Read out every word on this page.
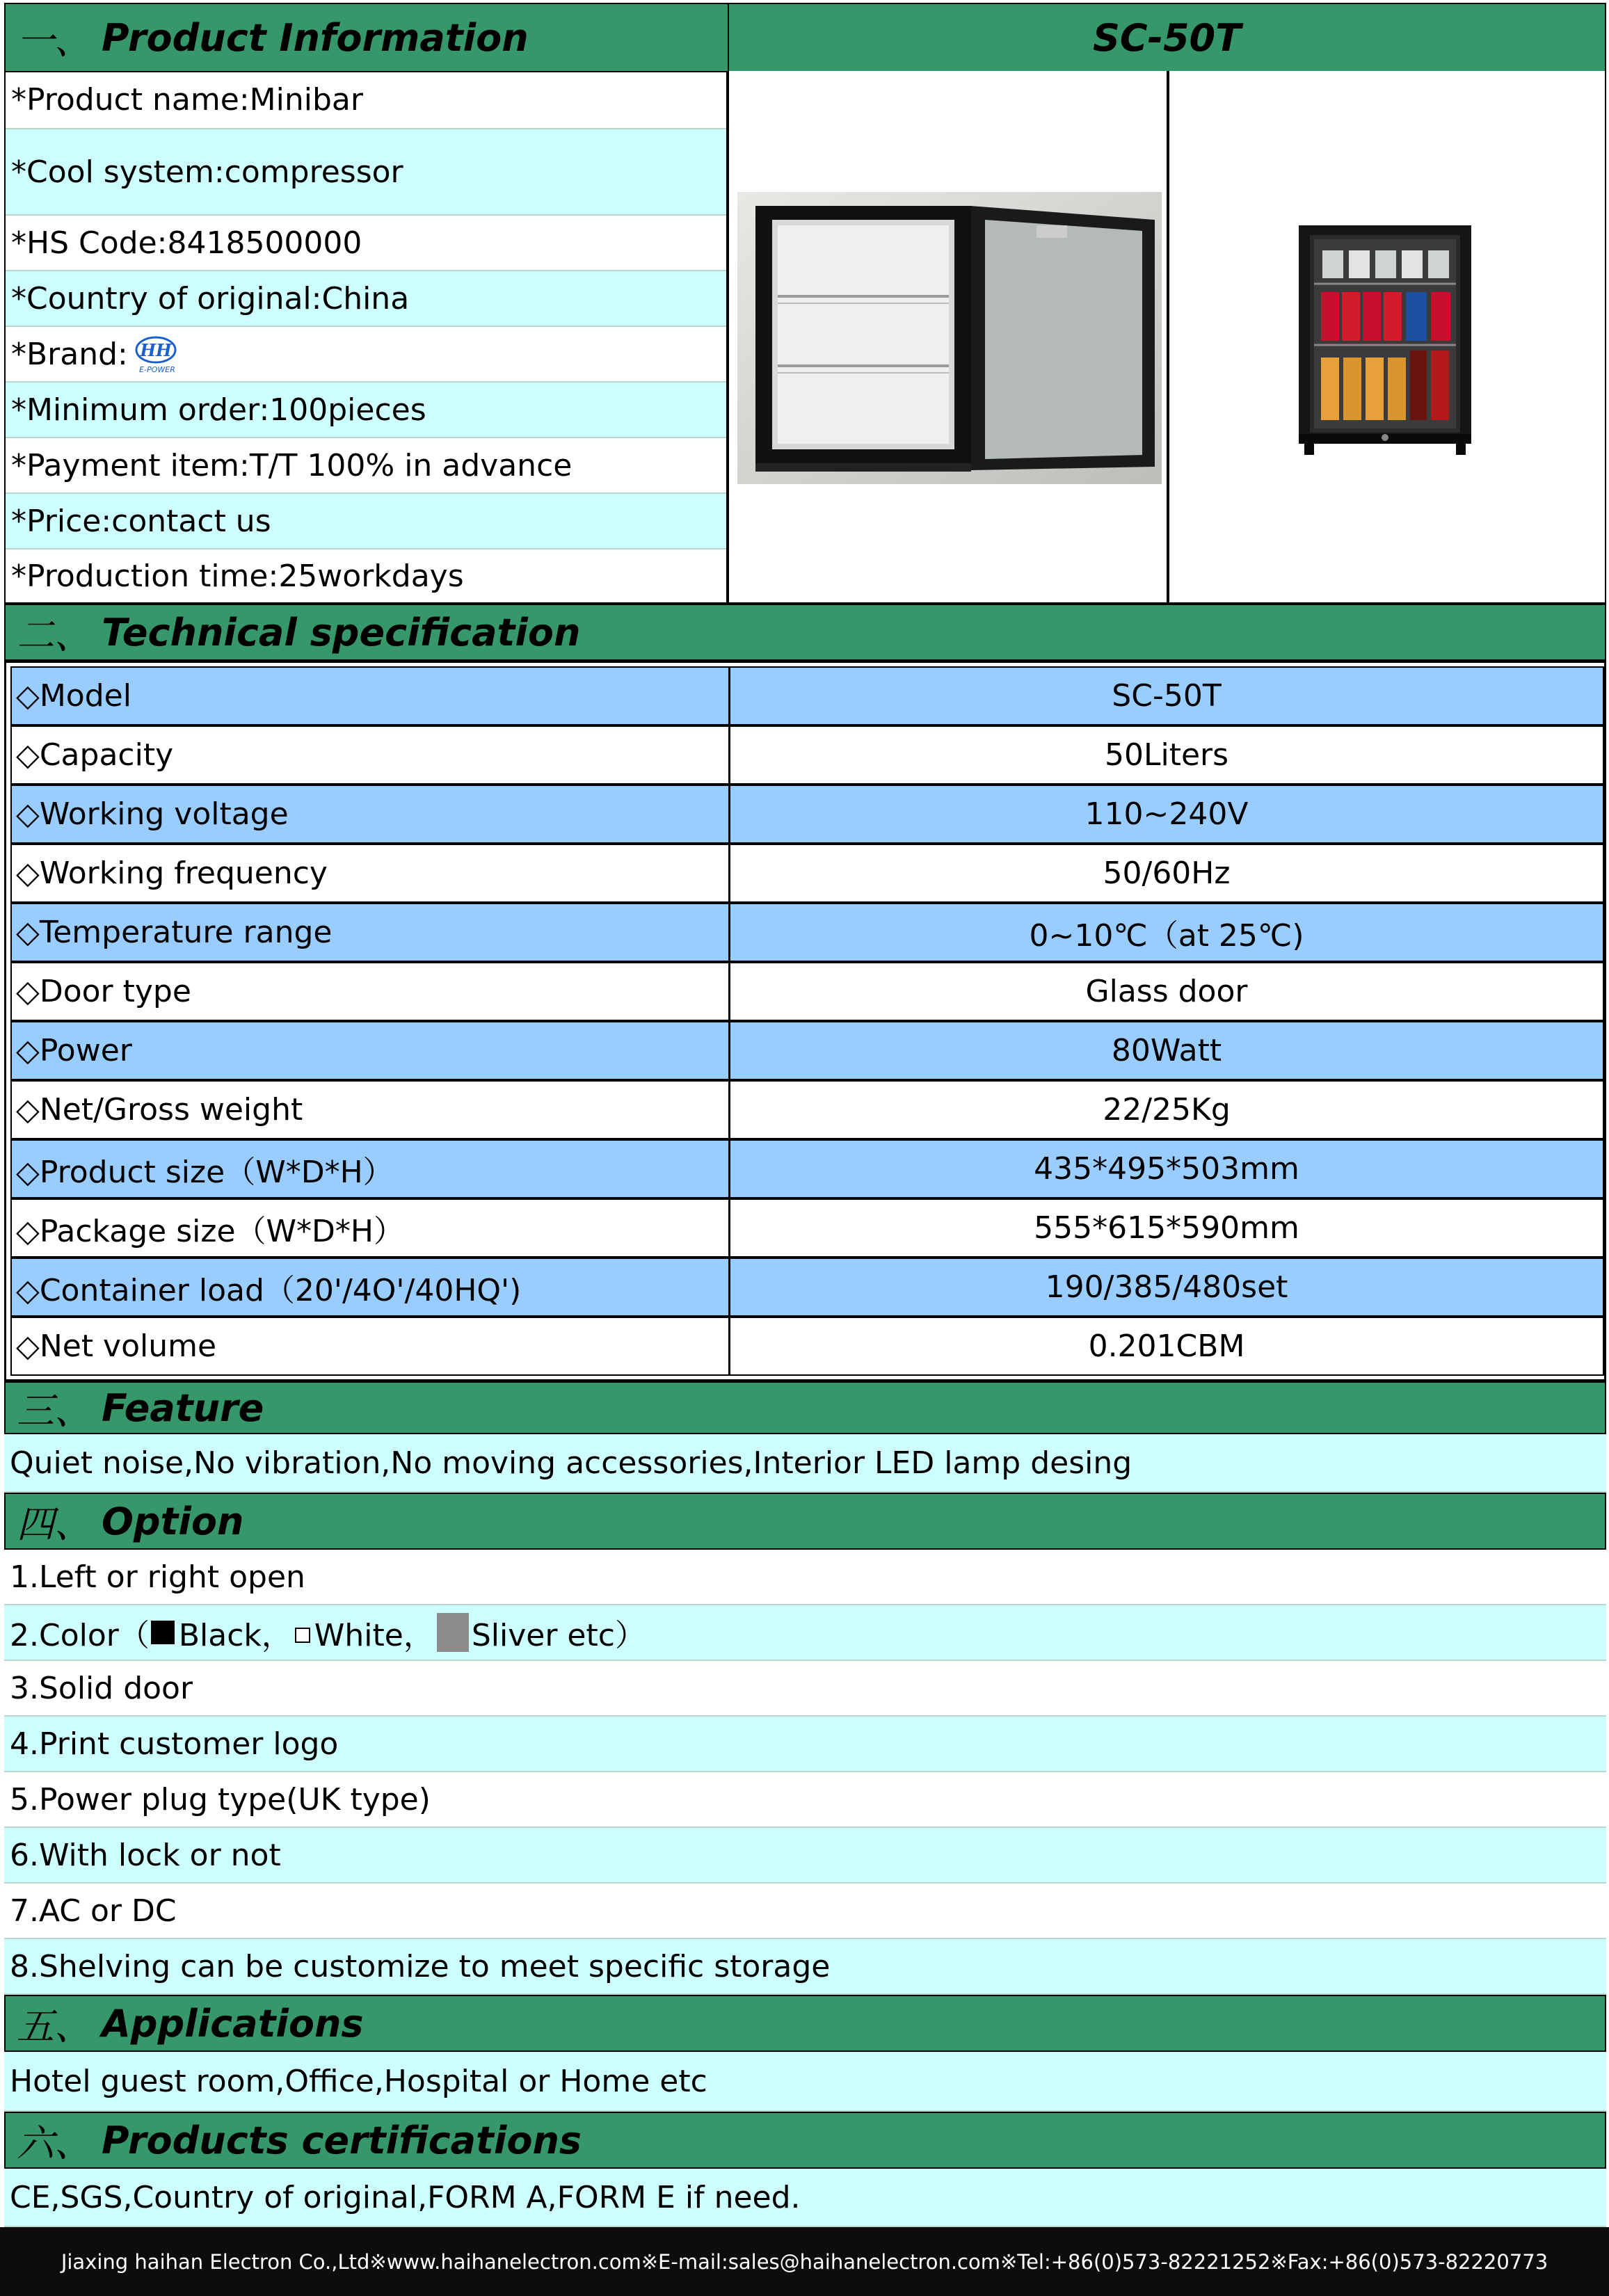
一、 Product Information	SC-50T
*Product name:Minibar
*Cool system:compressor
*HS Code:8418500000
*Country of original:China
*Brand: HH
E-POWER
*Minimum order:100pieces
*Payment item:T/T 100% in advance
*Price:contact us
*Production time:25workdays
二、 Technical specification
◇Model	SC-50T
◇Capacity	50Liters
◇Working voltage	110~240V
◇Working frequency	50/60Hz
◇Temperature range	0~10℃（at 25℃)
◇Door type	Glass door
◇Power	80Watt
◇Net/Gross weight	22/25Kg
◇Product size（W*D*H）	435*495*503mm
◇Package size（W*D*H）	555*615*590mm
◇Container load（20'/4O'/40HQ')	190/385/480set
◇Net volume	0.201CBM
三、 Feature
Quiet noise,No vibration,No moving accessories,Interior LED lamp desing
四、 Option
1.Left or right open
2.Color（ Black， White， Sliver etc）
3.Solid door
4.Print customer logo
5.Power plug type(UK type)
6.With lock or not
7.AC or DC
8.Shelving can be customize to meet specific storage
五、 Applications
Hotel guest room,Office,Hospital or Home etc
六、 Products certifications
CE,SGS,Country of original,FORM A,FORM E if need.
Jiaxing haihan Electron Co.,Ltd※www.haihanelectron.com※E-mail:sales@haihanelectron.com※Tel:+86(0)573-82221252※Fax:+86(0)573-82220773
